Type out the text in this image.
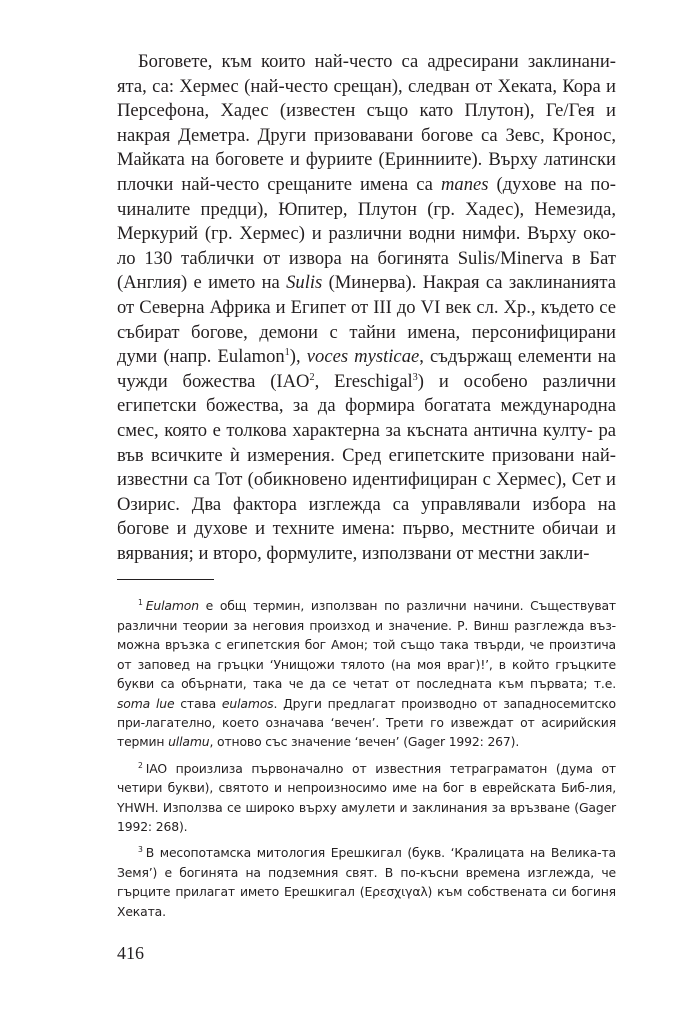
Боговете, към които най-често са адресирани заклинани- ята, са: Хермес (най-често срещан), следван от Хеката, Кора и Персефона, Хадес (известен също като Плутон), Ге/Гея и накрая Деметра. Други призовавани богове са Зевс, Кронос, Майката на боговете и фуриите (Еринниите). Върху латински плочки най-често срещаните имена са manes (духове на по- чиналите предци), Юпитер, Плутон (гр. Хадес), Немезида, Меркурий (гр. Хермес) и различни водни нимфи. Върху око- ло 130 таблички от извора на богинята Sulis/Minerva в Бат (Англия) е името на Sulis (Минерва). Накрая са заклинанията от Северна Африка и Египет от III до VI век сл. Хр., където се събират богове, демони с тайни имена, персонифицирани думи (напр. Eulamon$^1$), voces mysticae, съдържащ елементи на чужди божества (IAO$^2$, Ereschigal$^3$) и особено различни египетски божества, за да формира богатата международна смес, която е толкова характерна за късната антична култу- ра във всичките ѝ измерения. Сред египетските призовани най-известни са Тот (обикновено идентифициран с Хермес), Сет и Озирис. Два фактора изглежда са управлявали избора на богове и духове и техните имена: първо, местните обичаи и вярвания; и второ, формулите, използвани от местни закли-

$^1$ Eulamon е общ термин, използван по различни начини. Съществуват различни теории за неговия произход и значение. Р. Винш разглежда въз-можна връзка с египетския бог Амон; той също така твърди, че произтича от заповед на гръцки ‘Унищожи тялото (на моя враг)!’, в който гръцките букви са обърнати, така че да се четат от последната към първата; т.е. soma lue става eulamos. Други предлагат производно от западносемитско при-лагателно, което означава ‘вечен’. Трети го извеждат от асирийския термин ullamu, отново със значение ‘вечен’ (Gager 1992: 267).

$^2$ IAO произлиза първоначално от известния тетраграматон (дума от четири букви), святото и непроизносимо име на бог в еврейската Биб-лия, YHWH. Използва се широко върху амулети и заклинания за връзване (Gager 1992: 268).

$^3$ В месопотамска митология Ерешкигал (букв. ‘Кралицата на Велика-та Земя’) е богинята на подземния свят. В по-късни времена изглежда, че гърците прилагат името Ерешкигал (Ερεσχιγαλ) към собствената си богиня Хеката.

416
